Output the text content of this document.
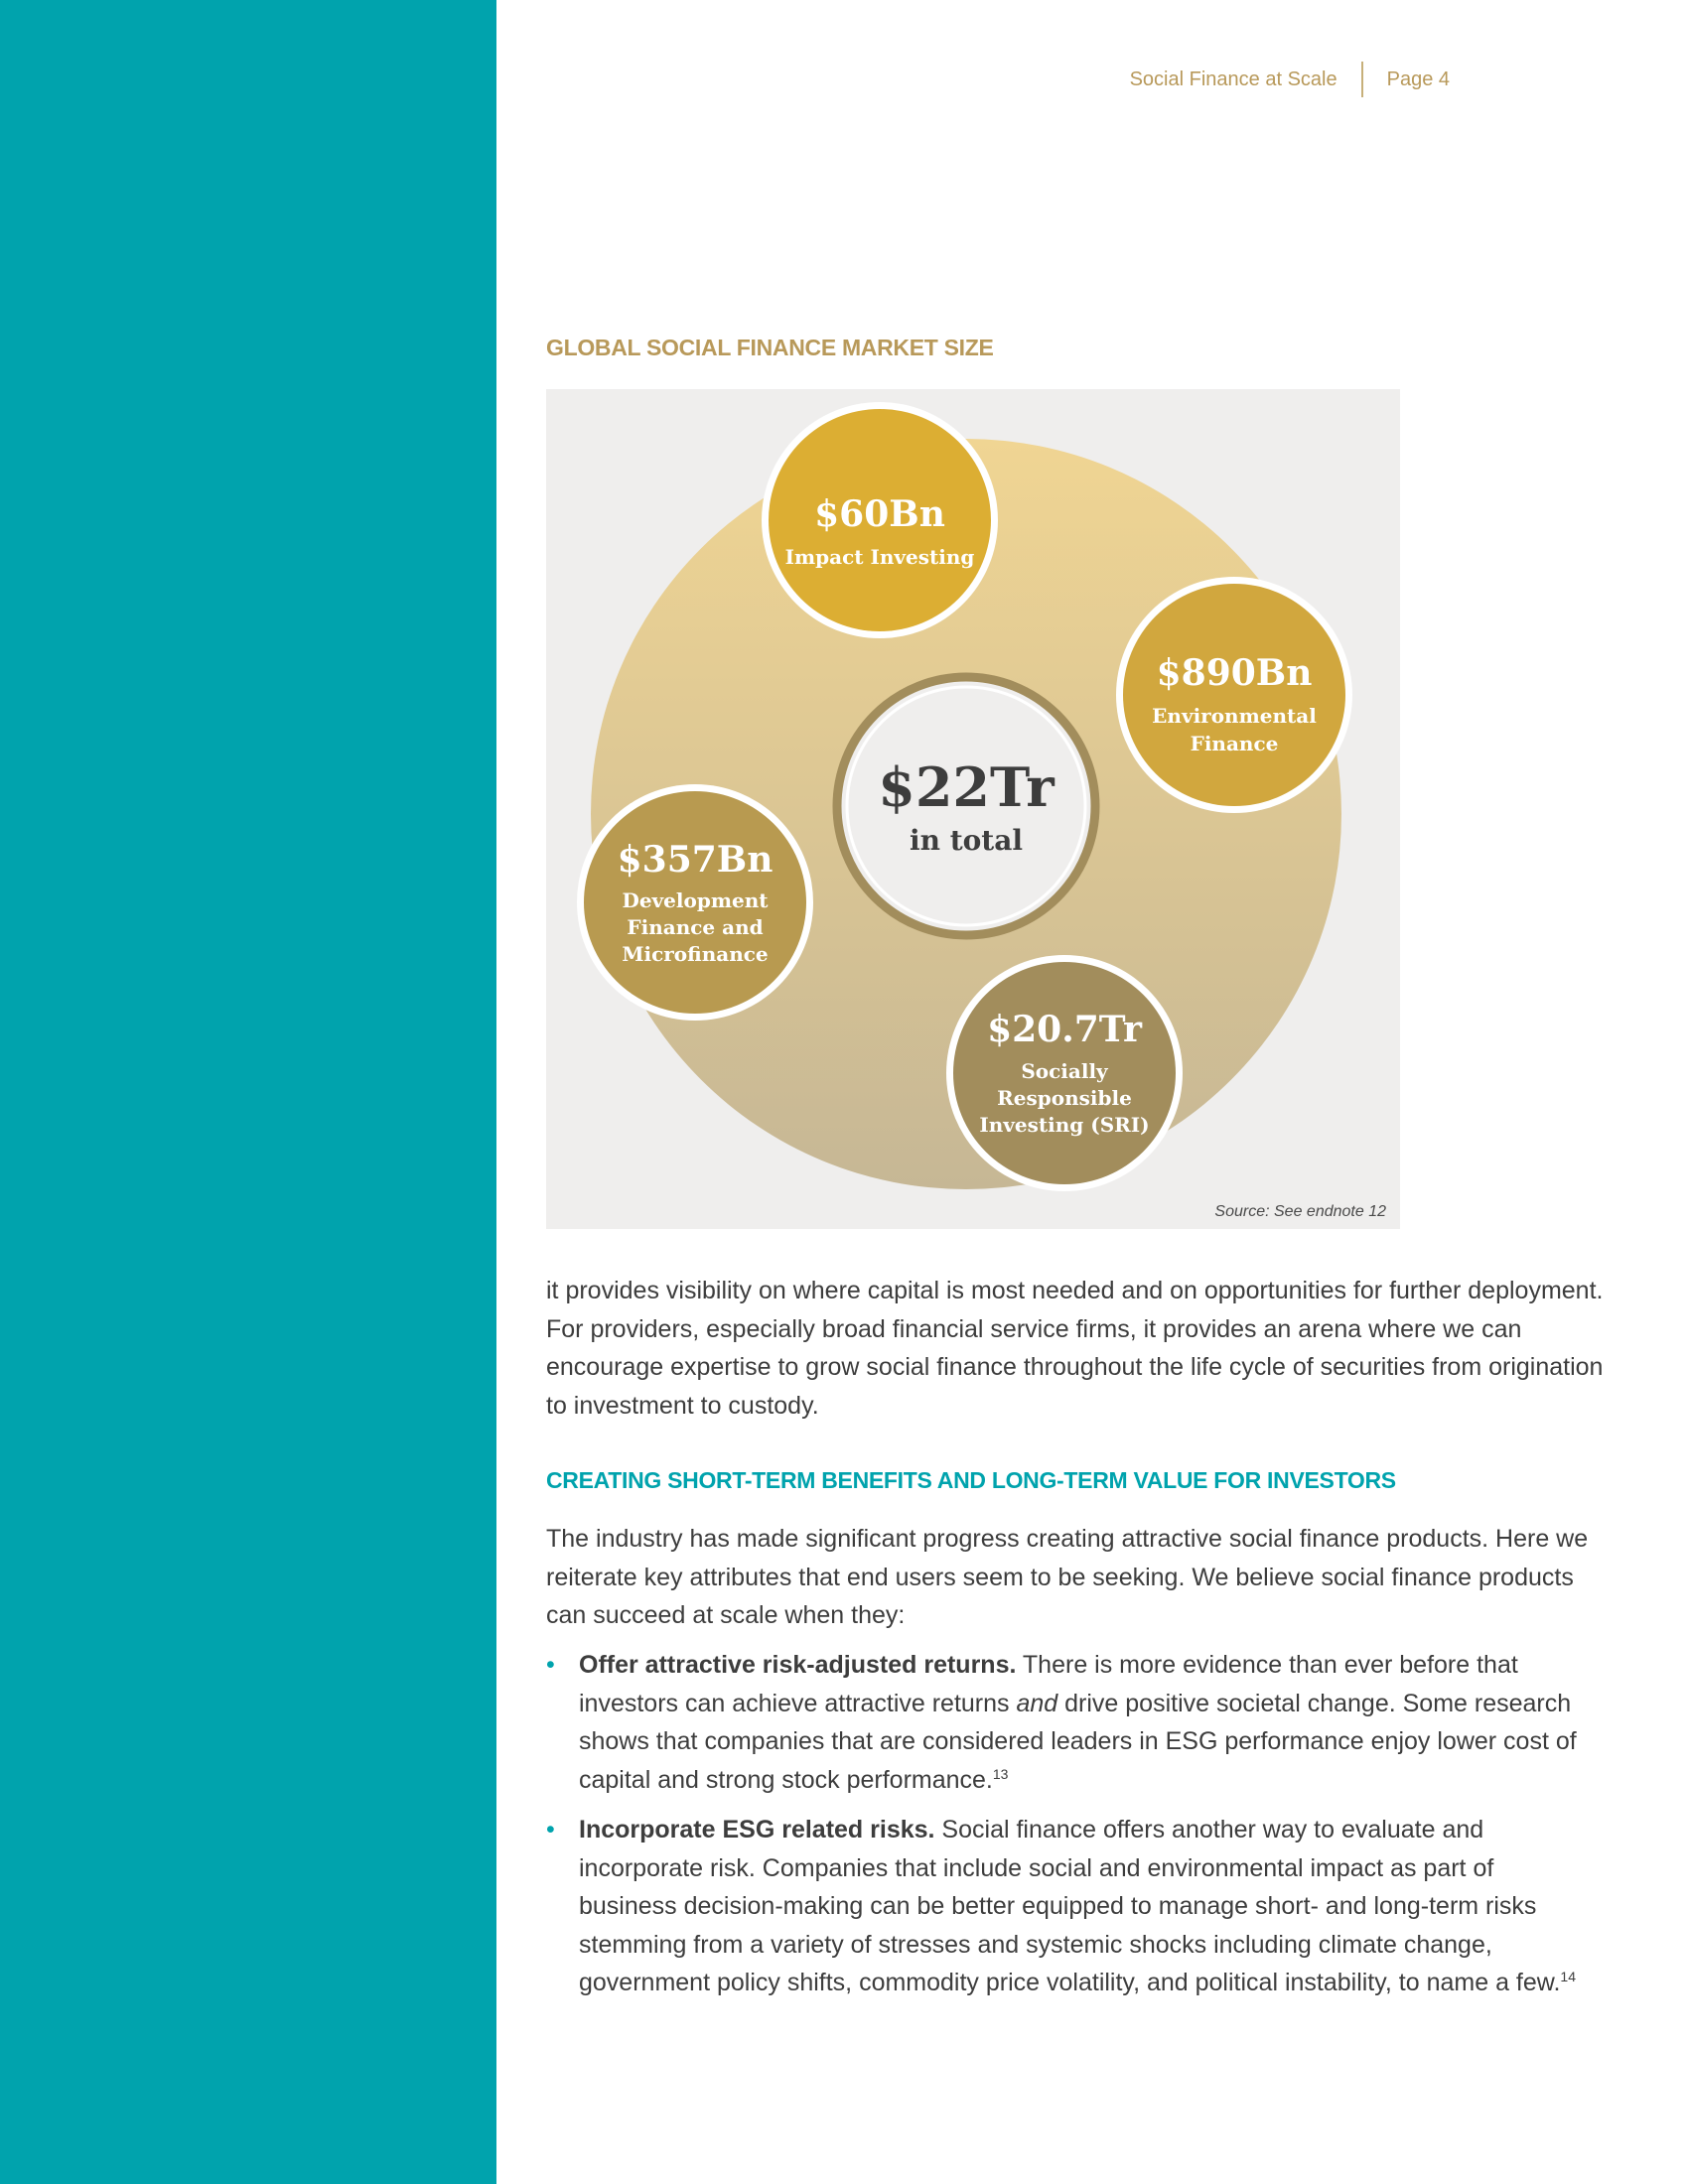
Social Finance at Scale	Page 4
GLOBAL SOCIAL FINANCE MARKET SIZE
$22Tr
in total
$60Bn
Impact Investing
$890Bn
Environmental
Finance
$357Bn
Development
Finance and
Microfinance
$20.7Tr
Socially
Responsible
Investing (SRI)
Source: See endnote 12

it provides visibility on where capital is most needed and on opportunities for further deployment. For providers, especially broad financial service firms, it provides an arena where we can encourage expertise to grow social finance throughout the life cycle of securities from origination to investment to custody.

CREATING SHORT-TERM BENEFITS AND LONG-TERM VALUE FOR INVESTORS

The industry has made significant progress creating attractive social finance products. Here we reiterate key attributes that end users seem to be seeking. We believe social finance products can succeed at scale when they:

• Offer attractive risk-adjusted returns. There is more evidence than ever before that investors can achieve attractive returns and drive positive societal change. Some research shows that companies that are considered leaders in ESG performance enjoy lower cost of capital and strong stock performance.$^{13}$
• Incorporate ESG related risks. Social finance offers another way to evaluate and incorporate risk. Companies that include social and environmental impact as part of business decision-making can be better equipped to manage short- and long-term risks stemming from a variety of stresses and systemic shocks including climate change, government policy shifts, commodity price volatility, and political instability, to name a few.$^{14}$
